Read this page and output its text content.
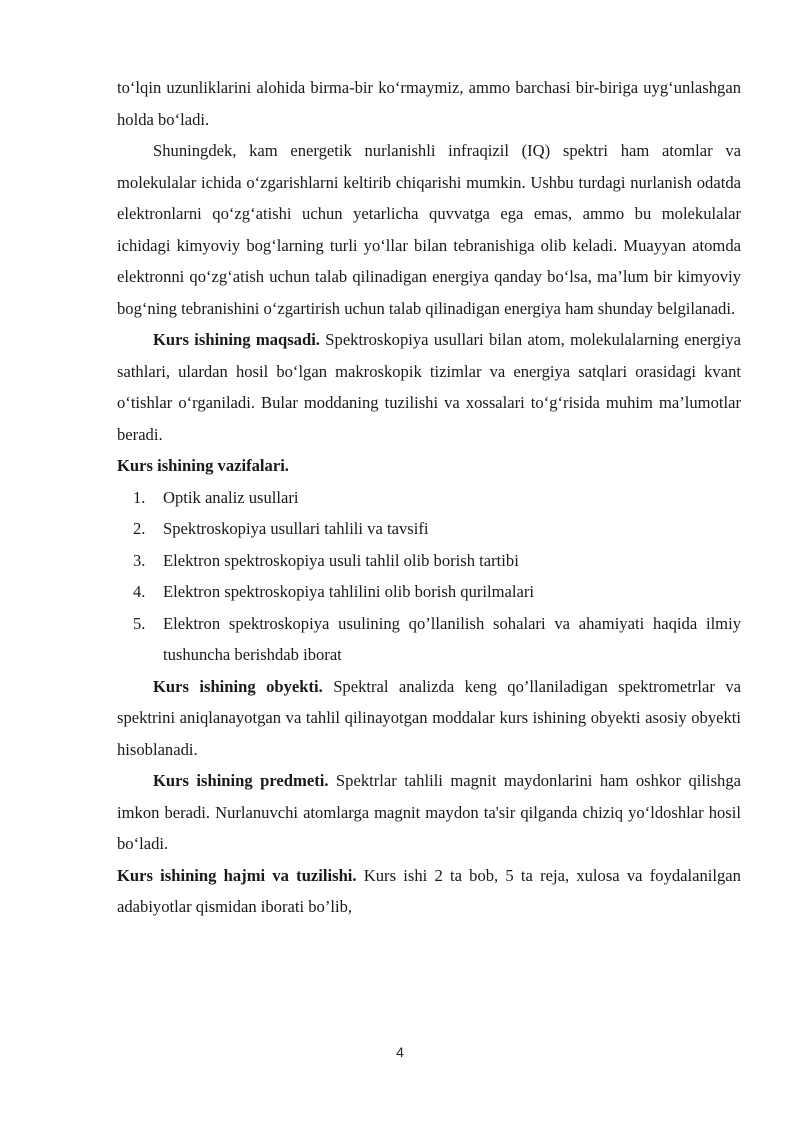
to‘lqin uzunliklarini alohida birma-bir ko‘rmaymiz, ammo barchasi bir-biriga uyg‘unlashgan holda bo‘ladi.

Shuningdek, kam energetik nurlanishli infraqizil (IQ) spektri ham atomlar va molekulalar ichida o‘zgarishlarni keltirib chiqarishi mumkin. Ushbu turdagi nurlanish odatda elektronlarni qo‘zg‘atishi uchun yetarlicha quvvatga ega emas, ammo bu molekulalar ichidagi kimyoviy bog‘larning turli yo‘llar bilan tebranishiga olib keladi. Muayyan atomda elektronni qo‘zg‘atish uchun talab qilinadigan energiya qanday bo‘lsa, ma’lum bir kimyoviy bog‘ning tebranishini o‘zgartirish uchun talab qilinadigan energiya ham shunday belgilanadi.

Kurs ishining maqsadi. Spektroskopiya usullari bilan atom, molekulalarning energiya sathlari, ulardan hosil bo‘lgan makroskopik tizimlar va energiya satqlari orasidagi kvant o‘tishlar o‘rganiladi. Bular moddaning tuzilishi va xossalari to‘g‘risida muhim ma’lumotlar beradi.

Kurs ishining vazifalari.

1.	Optik analiz usullari
2.	Spektroskopiya usullari tahlili va tavsifi
3.	Elektron spektroskopiya usuli tahlil olib borish tartibi
4.	Elektron spektroskopiya tahlilini olib borish qurilmalari
5.	Elektron spektroskopiya usulining qo’llanilish sohalari va ahamiyati haqida ilmiy tushuncha berishdab iborat

Kurs ishining obyekti. Spektral analizda keng qo’llaniladigan spektrometrlar va spektrini aniqlanayotgan va tahlil qilinayotgan moddalar kurs ishining obyekti asosiy obyekti hisoblanadi.

Kurs ishining predmeti. Spektrlar tahlili magnit maydonlarini ham oshkor qilishga imkon beradi. Nurlanuvchi atomlarga magnit maydon ta'sir qilganda chiziq yo‘ldoshlar hosil bo‘ladi.

Kurs ishining hajmi va tuzilishi. Kurs ishi 2 ta bob, 5 ta reja, xulosa va foydalanilgan adabiyotlar qismidan iborati bo’lib,

4
